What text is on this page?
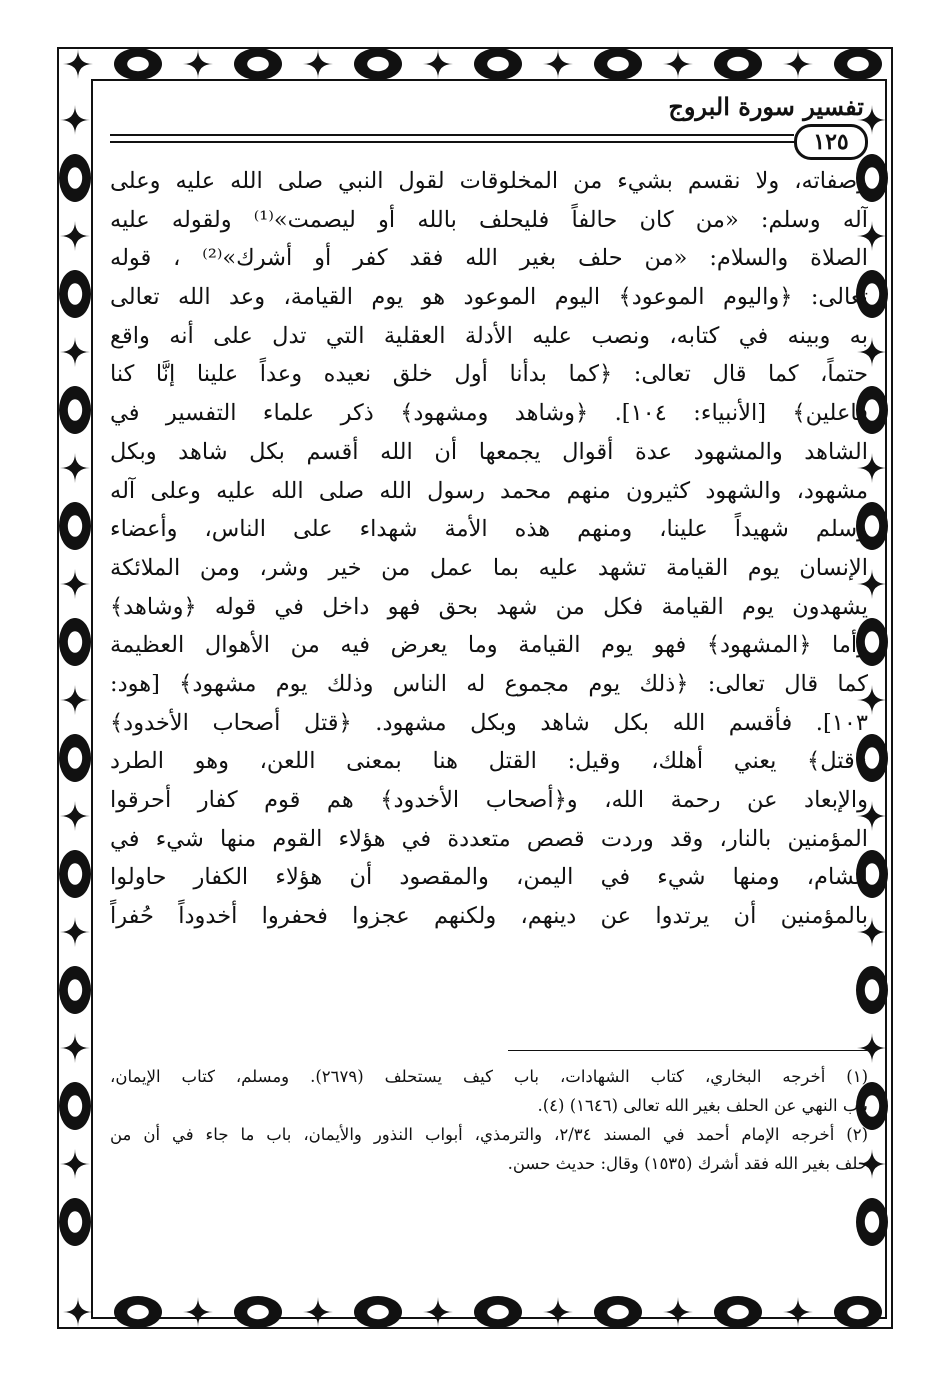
تفسير سورة البروج
١٢٥
وصفاته، ولا نقسم بشيء من المخلوقات لقول النبي صلى الله عليه وعلى
آله وسلم: «من كان حالفاً فليحلف بالله أو ليصمت»⁽¹⁾ ولقوله عليه
الصلاة والسلام: «من حلف بغير الله فقد كفر أو أشرك»⁽²⁾ ، قوله
تعالى: ﴿واليوم الموعود﴾ اليوم الموعود هو يوم القيامة، وعد الله تعالى
به وبينه في كتابه، ونصب عليه الأدلة العقلية التي تدل على أنه واقع
حتماً، كما قال تعالى: ﴿كما بدأنا أول خلق نعيده وعداً علينا إنَّا كنا
فاعلين﴾ [الأنبياء: ١٠٤]. ﴿وشاهد ومشهود﴾ ذكر علماء التفسير في
الشاهد والمشهود عدة أقوال يجمعها أن الله أقسم بكل شاهد وبكل
مشهود، والشهود كثيرون منهم محمد رسول الله صلى الله عليه وعلى آله
وسلم شهيداً علينا، ومنهم هذه الأمة شهداء على الناس، وأعضاء
الإنسان يوم القيامة تشهد عليه بما عمل من خير وشر، ومن الملائكة
يشهدون يوم القيامة فكل من شهد بحق فهو داخل في قوله ﴿وشاهد﴾
وأما ﴿المشهود﴾ فهو يوم القيامة وما يعرض فيه من الأهوال العظيمة
كما قال تعالى: ﴿ذلك يوم مجموع له الناس وذلك يوم مشهود﴾ [هود:
١٠٣]. فأقسم الله بكل شاهد وبكل مشهود. ﴿قتل أصحاب الأخدود﴾
﴿قتل﴾ يعني أهلك، وقيل: القتل هنا بمعنى اللعن، وهو الطرد
والإبعاد عن رحمة الله، و﴿أصحاب الأخدود﴾ هم قوم كفار أحرقوا
المؤمنين بالنار، وقد وردت قصص متعددة في هؤلاء القوم منها شيء في
الشام، ومنها شيء في اليمن، والمقصود أن هؤلاء الكفار حاولوا
بالمؤمنين أن يرتدوا عن دينهم، ولكنهم عجزوا فحفروا أخدوداً حُفراً
(١) أخرجه البخاري، كتاب الشهادات، باب كيف يستحلف (٢٦٧٩). ومسلم، كتاب الإيمان،
باب النهي عن الحلف بغير الله تعالى (١٦٤٦) (٤).
(٢) أخرجه الإمام أحمد في المسند ٢/٣٤، والترمذي، أبواب النذور والأيمان، باب ما جاء في أن من
حلف بغير الله فقد أشرك (١٥٣٥) وقال: حديث حسن.
